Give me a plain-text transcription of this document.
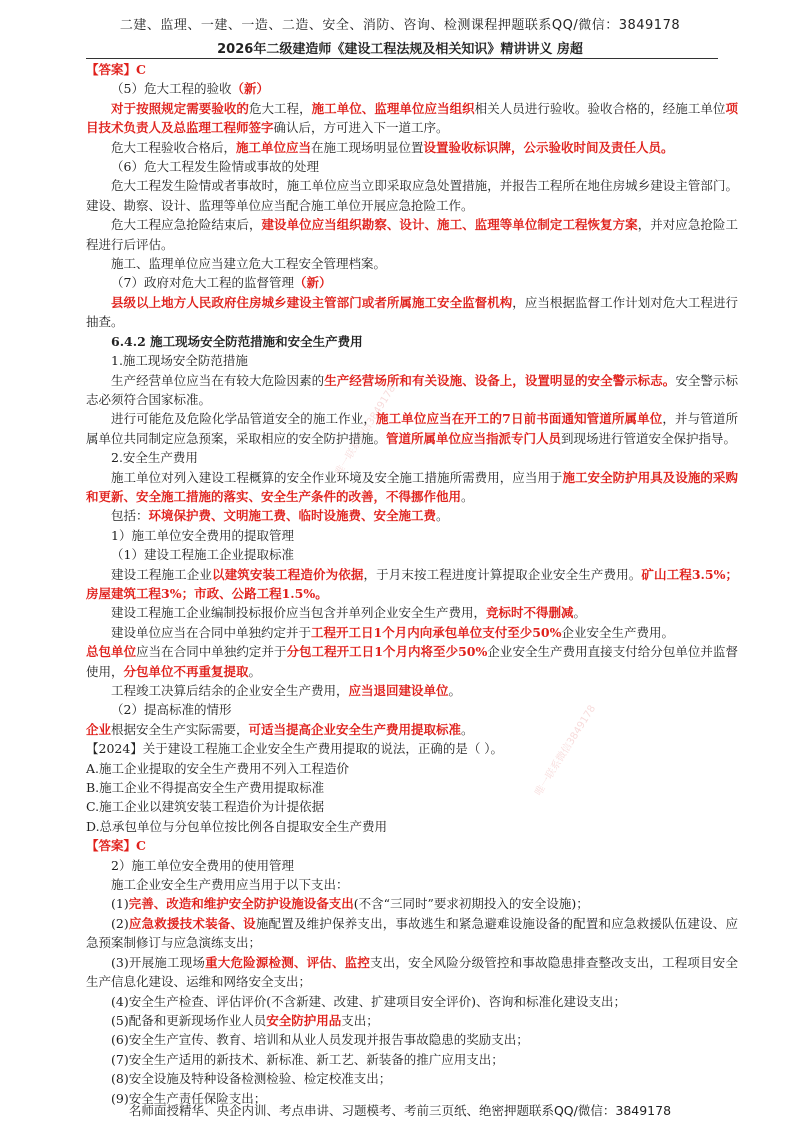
二建、监理、一建、一造、二造、安全、消防、咨询、检测课程押题联系QQ/微信：3849178
2026年二级建造师《建设工程法规及相关知识》精讲讲义 房超
唯一联系微信3849178
唯一联系微信3849178

【答案】C

（5）危大工程的验收（新）

对于按照规定需要验收的危大工程，施工单位、监理单位应当组织相关人员进行验收。验收合格的，经施工单位项目技术负责人及总监理工程师签字确认后，方可进入下一道工序。

危大工程验收合格后，施工单位应当在施工现场明显位置设置验收标识牌，公示验收时间及责任人员。

（6）危大工程发生险情或事故的处理

危大工程发生险情或者事故时，施工单位应当立即采取应急处置措施，并报告工程所在地住房城乡建设主管部门。建设、勘察、设计、监理等单位应当配合施工单位开展应急抢险工作。

危大工程应急抢险结束后，建设单位应当组织勘察、设计、施工、监理等单位制定工程恢复方案，并对应急抢险工程进行后评估。

施工、监理单位应当建立危大工程安全管理档案。

（7）政府对危大工程的监督管理（新）

县级以上地方人民政府住房城乡建设主管部门或者所属施工安全监督机构，应当根据监督工作计划对危大工程进行抽查。

6.4.2 施工现场安全防范措施和安全生产费用

1.施工现场安全防范措施

生产经营单位应当在有较大危险因素的生产经营场所和有关设施、设备上，设置明显的安全警示标志。安全警示标志必须符合国家标准。

进行可能危及危险化学品管道安全的施工作业，施工单位应当在开工的7日前书面通知管道所属单位，并与管道所属单位共同制定应急预案，采取相应的安全防护措施。管道所属单位应当指派专门人员到现场进行管道安全保护指导。

2.安全生产费用

施工单位对列入建设工程概算的安全作业环境及安全施工措施所需费用，应当用于施工安全防护用具及设施的采购和更新、安全施工措施的落实、安全生产条件的改善，不得挪作他用。

包括：环境保护费、文明施工费、临时设施费、安全施工费。

1）施工单位安全费用的提取管理

（1）建设工程施工企业提取标准

建设工程施工企业以建筑安装工程造价为依据，于月末按工程进度计算提取企业安全生产费用。矿山工程3.5%；房屋建筑工程3%；市政、公路工程1.5%。

建设工程施工企业编制投标报价应当包含并单列企业安全生产费用，竞标时不得删减。

建设单位应当在合同中单独约定并于工程开工日1个月内向承包单位支付至少50%企业安全生产费用。

总包单位应当在合同中单独约定并于分包工程开工日1个月内将至少50%企业安全生产费用直接支付给分包单位并监督使用，分包单位不再重复提取。

工程竣工决算后结余的企业安全生产费用，应当退回建设单位。

（2）提高标准的情形

企业根据安全生产实际需要，可适当提高企业安全生产费用提取标准。

【2024】关于建设工程施工企业安全生产费用提取的说法，正确的是（ ）。

A.施工企业提取的安全生产费用不列入工程造价

B.施工企业不得提高安全生产费用提取标准

C.施工企业以建筑安装工程造价为计提依据

D.总承包单位与分包单位按比例各自提取安全生产费用

【答案】C

2）施工单位安全费用的使用管理

施工企业安全生产费用应当用于以下支出：

(1)完善、改造和维护安全防护设施设备支出(不含“三同时”要求初期投入的安全设施)；

(2)应急救援技术装备、设施配置及维护保养支出，事故逃生和紧急避难设施设备的配置和应急救援队伍建设、应急预案制修订与应急演练支出；

(3)开展施工现场重大危险源检测、评估、监控支出，安全风险分级管控和事故隐患排查整改支出，工程项目安全生产信息化建设、运维和网络安全支出；

(4)安全生产检查、评估评价(不含新建、改建、扩建项目安全评价)、咨询和标准化建设支出；

(5)配备和更新现场作业人员安全防护用品支出；

(6)安全生产宣传、教育、培训和从业人员发现并报告事故隐患的奖励支出；

(7)安全生产适用的新技术、新标准、新工艺、新装备的推广应用支出；

(8)安全设施及特种设备检测检验、检定校准支出；

(9)安全生产责任保险支出；

名师面授精华、央企内训、考点串讲、习题模考、考前三页纸、绝密押题联系QQ/微信：3849178
